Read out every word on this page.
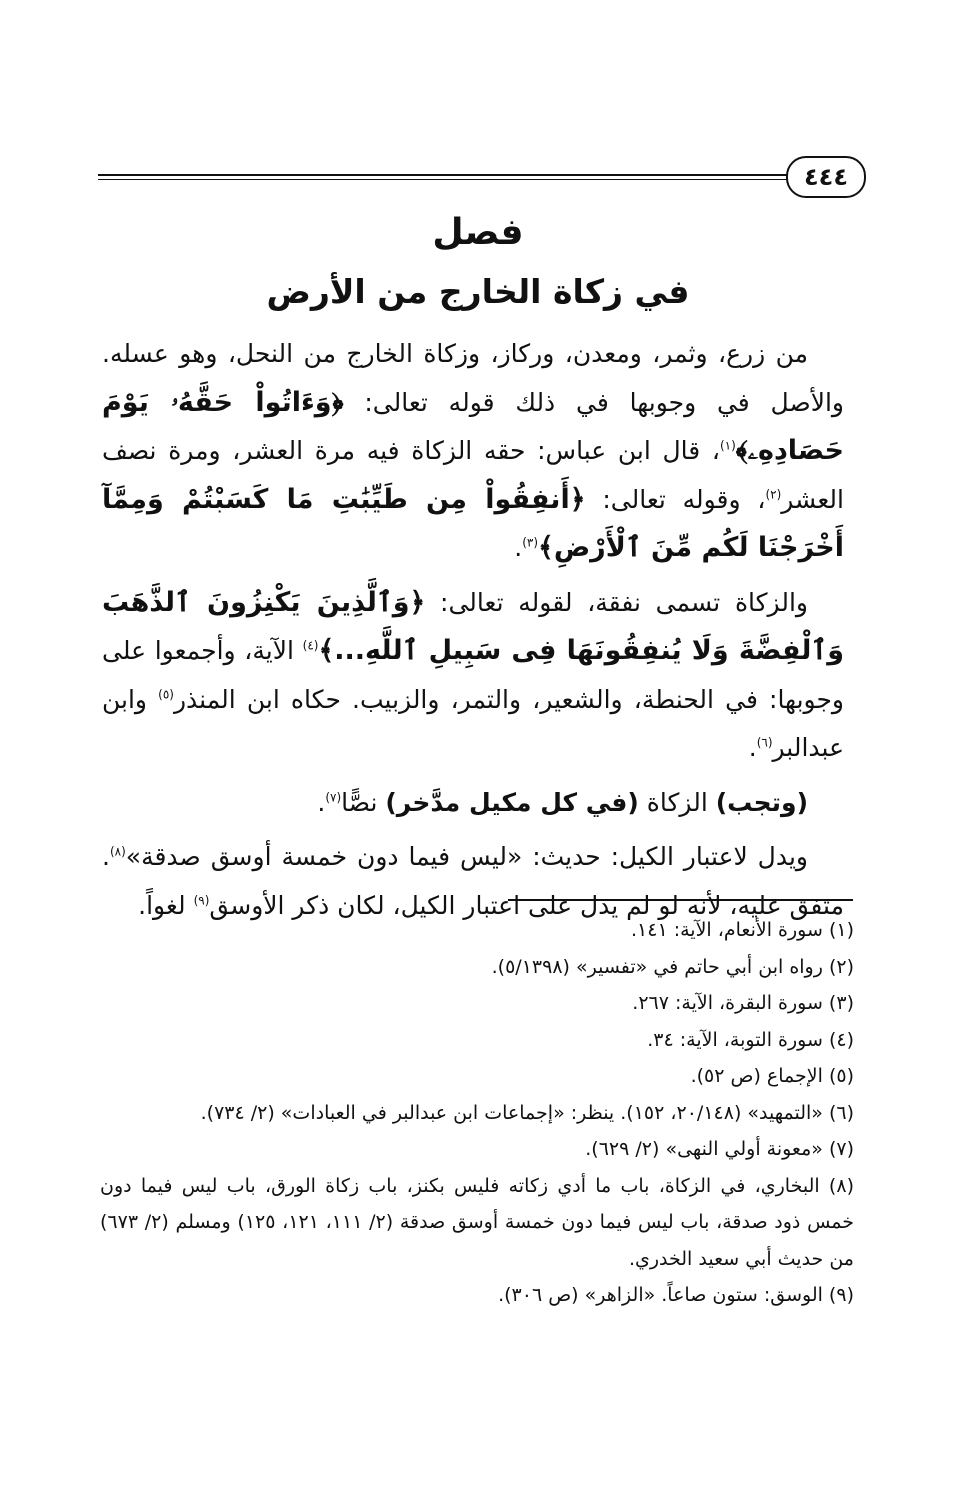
٤٤٤
فصل
في زكاة الخارج من الأرض

من زرع، وثمر، ومعدن، وركاز، وزكاة الخارج من النحل، وهو عسله. والأصل في وجوبها في ذلك قوله تعالى: ﴿وَءَاتُواْ حَقَّهُۥ يَوْمَ حَصَادِهِۦ﴾$^{(١)}$، قال ابن عباس: حقه الزكاة فيه مرة العشر، ومرة نصف العشر$^{(٢)}$، وقوله تعالى: ﴿أَنفِقُواْ مِن طَيِّبَٰتِ مَا كَسَبْتُمْ وَمِمَّآ أَخْرَجْنَا لَكُم مِّنَ ٱلْأَرْضِ﴾$^{(٣)}$.

والزكاة تسمى نفقة، لقوله تعالى: ﴿وَٱلَّذِينَ يَكْنِزُونَ ٱلذَّهَبَ وَٱلْفِضَّةَ وَلَا يُنفِقُونَهَا فِى سَبِيلِ ٱللَّهِ...﴾$^{(٤)}$ الآية، وأجمعوا على وجوبها: في الحنطة، والشعير، والتمر، والزبيب. حكاه ابن المنذر$^{(٥)}$ وابن عبدالبر$^{(٦)}$.

(وتجب) الزكاة (في كل مكيل مدَّخر) نصًّا$^{(٧)}$.

ويدل لاعتبار الكيل: حديث: «ليس فيما دون خمسة أوسق صدقة»$^{(٨)}$. متفق عليه، لأنه لو لم يدل على اعتبار الكيل، لكان ذكر الأوسق$^{(٩)}$ لغواً.

(١) سورة الأنعام، الآية: ١٤١.

(٢) رواه ابن أبي حاتم في «تفسير» (٥/١٣٩٨).

(٣) سورة البقرة، الآية: ٢٦٧.

(٤) سورة التوبة، الآية: ٣٤.

(٥) الإجماع (ص ٥٢).

(٦) «التمهيد» (٢٠/١٤٨، ١٥٢). ينظر: «إجماعات ابن عبدالبر في العبادات» (٢/ ٧٣٤).

(٧) «معونة أولي النهى» (٢/ ٦٢٩).

(٨) البخاري، في الزكاة، باب ما أدي زكاته فليس بكنز، باب زكاة الورق، باب ليس فيما دون خمس ذود صدقة، باب ليس فيما دون خمسة أوسق صدقة (٢/ ١١١، ١٢١، ١٢٥) ومسلم (٢/ ٦٧٣) من حديث أبي سعيد الخدري.

(٩) الوسق: ستون صاعاً. «الزاهر» (ص ٣٠٦).
